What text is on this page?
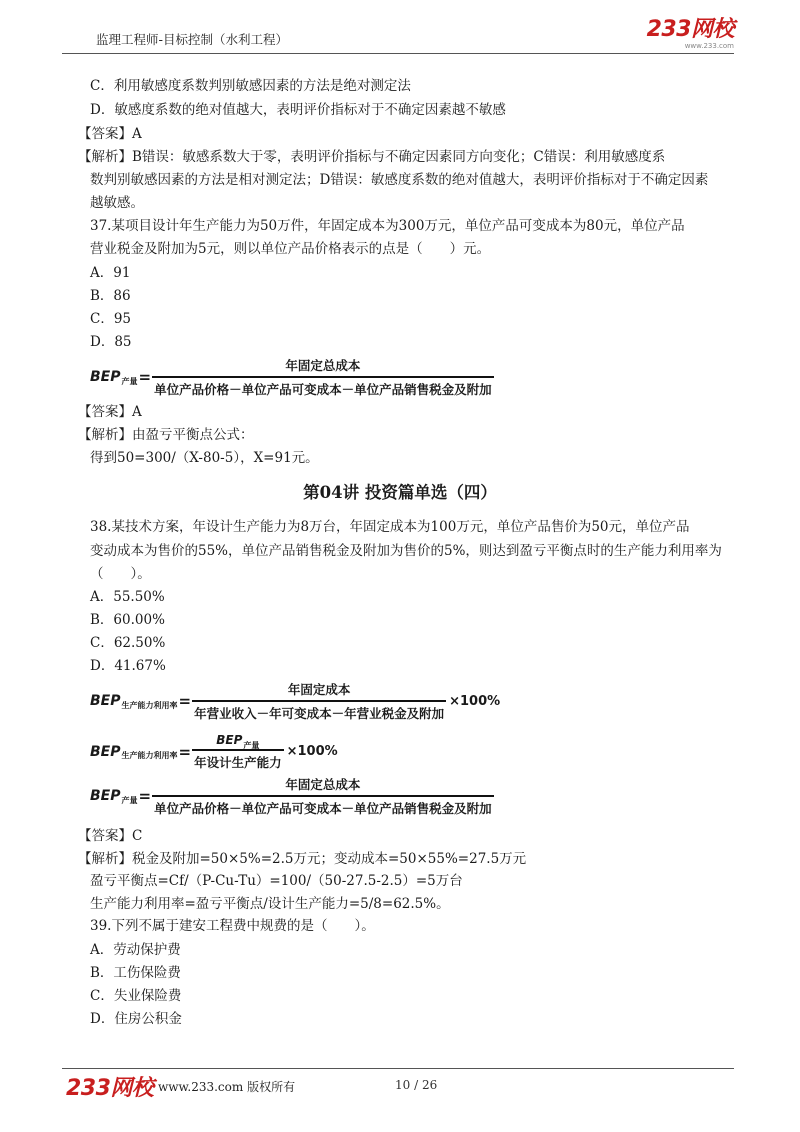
监理工程师-目标控制（水利工程）	233网校
www.233.com
C．利用敏感度系数判别敏感因素的方法是绝对测定法
D．敏感度系数的绝对值越大，表明评价指标对于不确定因素越不敏感
【答案】A
【解析】B错误：敏感系数大于零，表明评价指标与不确定因素同方向变化；C错误：利用敏感度系
数判别敏感因素的方法是相对测定法；D错误：敏感度系数的绝对值越大，表明评价指标对于不确定因素
越敏感。
37.某项目设计年生产能力为50万件，年固定成本为300万元，单位产品可变成本为80元，单位产品
营业税金及附加为5元，则以单位产品价格表示的点是（　　）元。
A．91
B．86
C．95
D．85
BEP 产量 = $\frac{\text{年固定总成本}}{\text{单位产品价格－单位产品可变成本－单位产品销售税金及附加}}$
【答案】A
【解析】由盈亏平衡点公式：
得到50=300/（X-80-5），X=91元。
第04讲 投资篇单选（四）
38.某技术方案，年设计生产能力为8万台，年固定成本为100万元，单位产品售价为50元，单位产品
变动成本为售价的55%，单位产品销售税金及附加为售价的5%，则达到盈亏平衡点时的生产能力利用率为
（　　）。
A．55.50%
B．60.00%
C．62.50%
D．41.67%
BEP 生产能力利用率 = $\frac{\text{年固定成本}}{\text{年营业收入－年可变成本－年营业税金及附加}} \times 100\%$
BEP 生产能力利用率 = $\frac{\text{BEP 产量}}{\text{年设计生产能力}} \times 100\%$
BEP 产量 = $\frac{\text{年固定总成本}}{\text{单位产品价格－单位产品可变成本－单位产品销售税金及附加}}$
【答案】C
【解析】税金及附加=50×5%=2.5万元；变动成本=50×55%=27.5万元
盈亏平衡点=Cf/（P-Cu-Tu）=100/（50-27.5-2.5）=5万台
生产能力利用率=盈亏平衡点/设计生产能力=5/8=62.5%。
39.下列不属于建安工程费中规费的是（　　）。
A．劳动保护费
B．工伤保险费
C．失业保险费
D．住房公积金
233网校 www.233.com 版权所有	10 / 26
